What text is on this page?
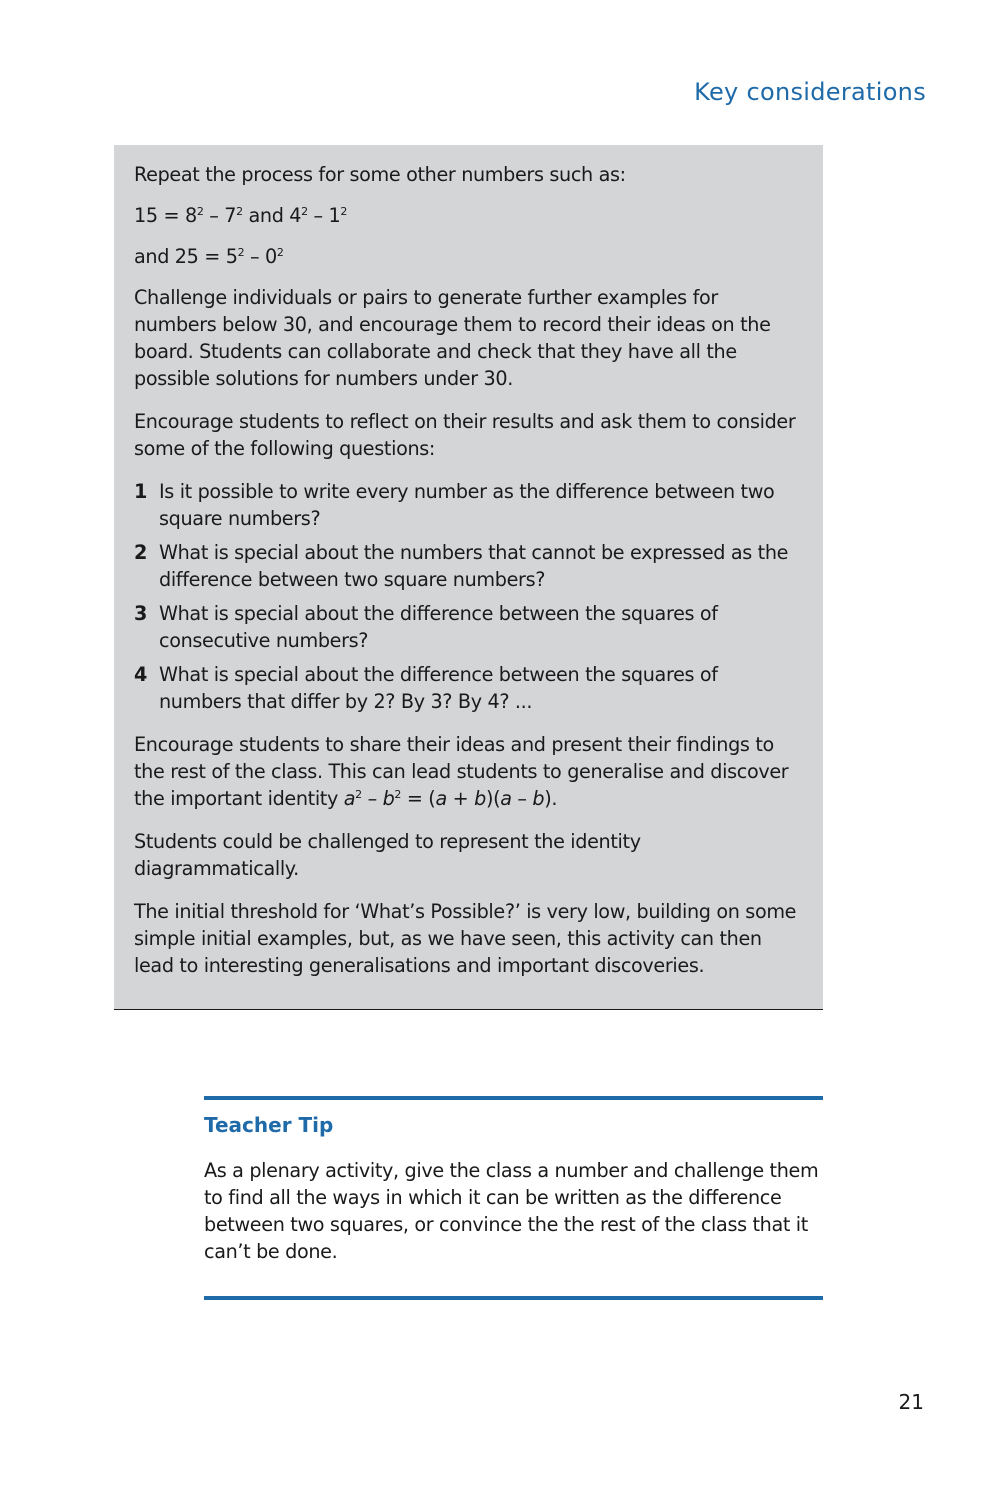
Key considerations

Repeat the process for some other numbers such as:

$15 = 8^2 - 7^2$ and $4^2 - 1^2$

and $25 = 5^2 - 0^2$

Challenge individuals or pairs to generate further examples for numbers below 30, and encourage them to record their ideas on the board. Students can collaborate and check that they have all the possible solutions for numbers under 30.

Encourage students to reflect on their results and ask them to consider some of the following questions:

1 Is it possible to write every number as the difference between two square numbers?
2 What is special about the numbers that cannot be expressed as the difference between two square numbers?
3 What is special about the difference between the squares of consecutive numbers?
4 What is special about the difference between the squares of numbers that differ by 2? By 3? By 4? ...

Encourage students to share their ideas and present their findings to the rest of the class. This can lead students to generalise and discover the important identity $a^2 - b^2 = (a + b)(a - b)$.

Students could be challenged to represent the identity diagrammatically.

The initial threshold for ‘What’s Possible?’ is very low, building on some simple initial examples, but, as we have seen, this activity can then lead to interesting generalisations and important discoveries.

Teacher Tip

As a plenary activity, give the class a number and challenge them to find all the ways in which it can be written as the difference between two squares, or convince the the rest of the class that it can’t be done.

21
